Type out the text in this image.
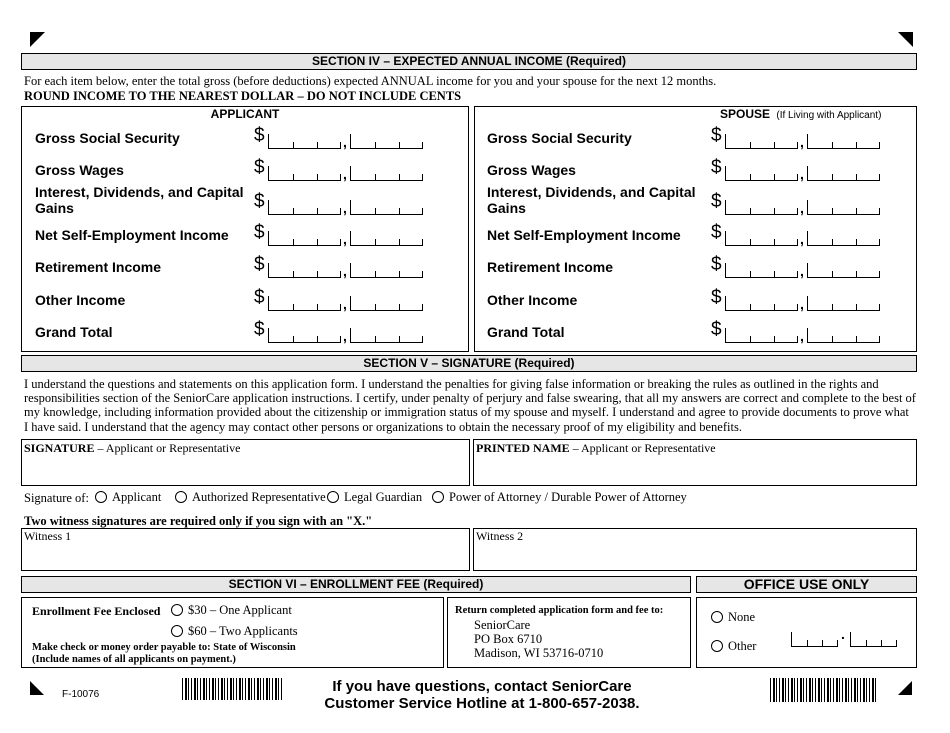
SECTION IV – EXPECTED ANNUAL INCOME (Required)
For each item below, enter the total gross (before deductions) expected ANNUAL income for you and your spouse for the next 12 months.
ROUND INCOME TO THE NEAREST DOLLAR – DO NOT INCLUDE CENTS
APPLICANT	SPOUSE (If Living with Applicant)
Gross Social Security	$	,
Gross Wages	$	,
Interest, Dividends, and Capital Gains	$	,
Net Self-Employment Income	$	,
Retirement Income	$	,
Other Income	$	,
Grand Total	$	,
Gross Social Security	$	,
Gross Wages	$	,
Interest, Dividends, and Capital Gains	$	,
Net Self-Employment Income	$	,
Retirement Income	$	,
Other Income	$	,
Grand Total	$	,
SECTION V – SIGNATURE (Required)
I understand the questions and statements on this application form. I understand the penalties for giving false information or breaking the rules as outlined in the rights and responsibilities section of the SeniorCare application instructions. I certify, under penalty of perjury and false swearing, that all my answers are correct and complete to the best of my knowledge, including information provided about the citizenship or immigration status of my spouse and myself. I understand and agree to provide documents to prove what I have said. I understand that the agency may contact other persons or organizations to obtain the necessary proof of my eligibility and benefits.
SIGNATURE – Applicant or Representative	PRINTED NAME – Applicant or Representative
Signature of:	Applicant	Authorized Representative	Legal Guardian	Power of Attorney / Durable Power of Attorney
Two witness signatures are required only if you sign with an "X."
Witness 1	Witness 2
SECTION VI – ENROLLMENT FEE (Required)
Enrollment Fee Enclosed	$30 – One Applicant
$60 – Two Applicants
Make check or money order payable to: State of Wisconsin
(Include names of all applicants on payment.)
Return completed application form and fee to:
SeniorCare
PO Box 6710
Madison, WI 53716-0710
OFFICE USE ONLY
None
Other
.
F-10076	If you have questions, contact SeniorCare
Customer Service Hotline at 1-800-657-2038.
